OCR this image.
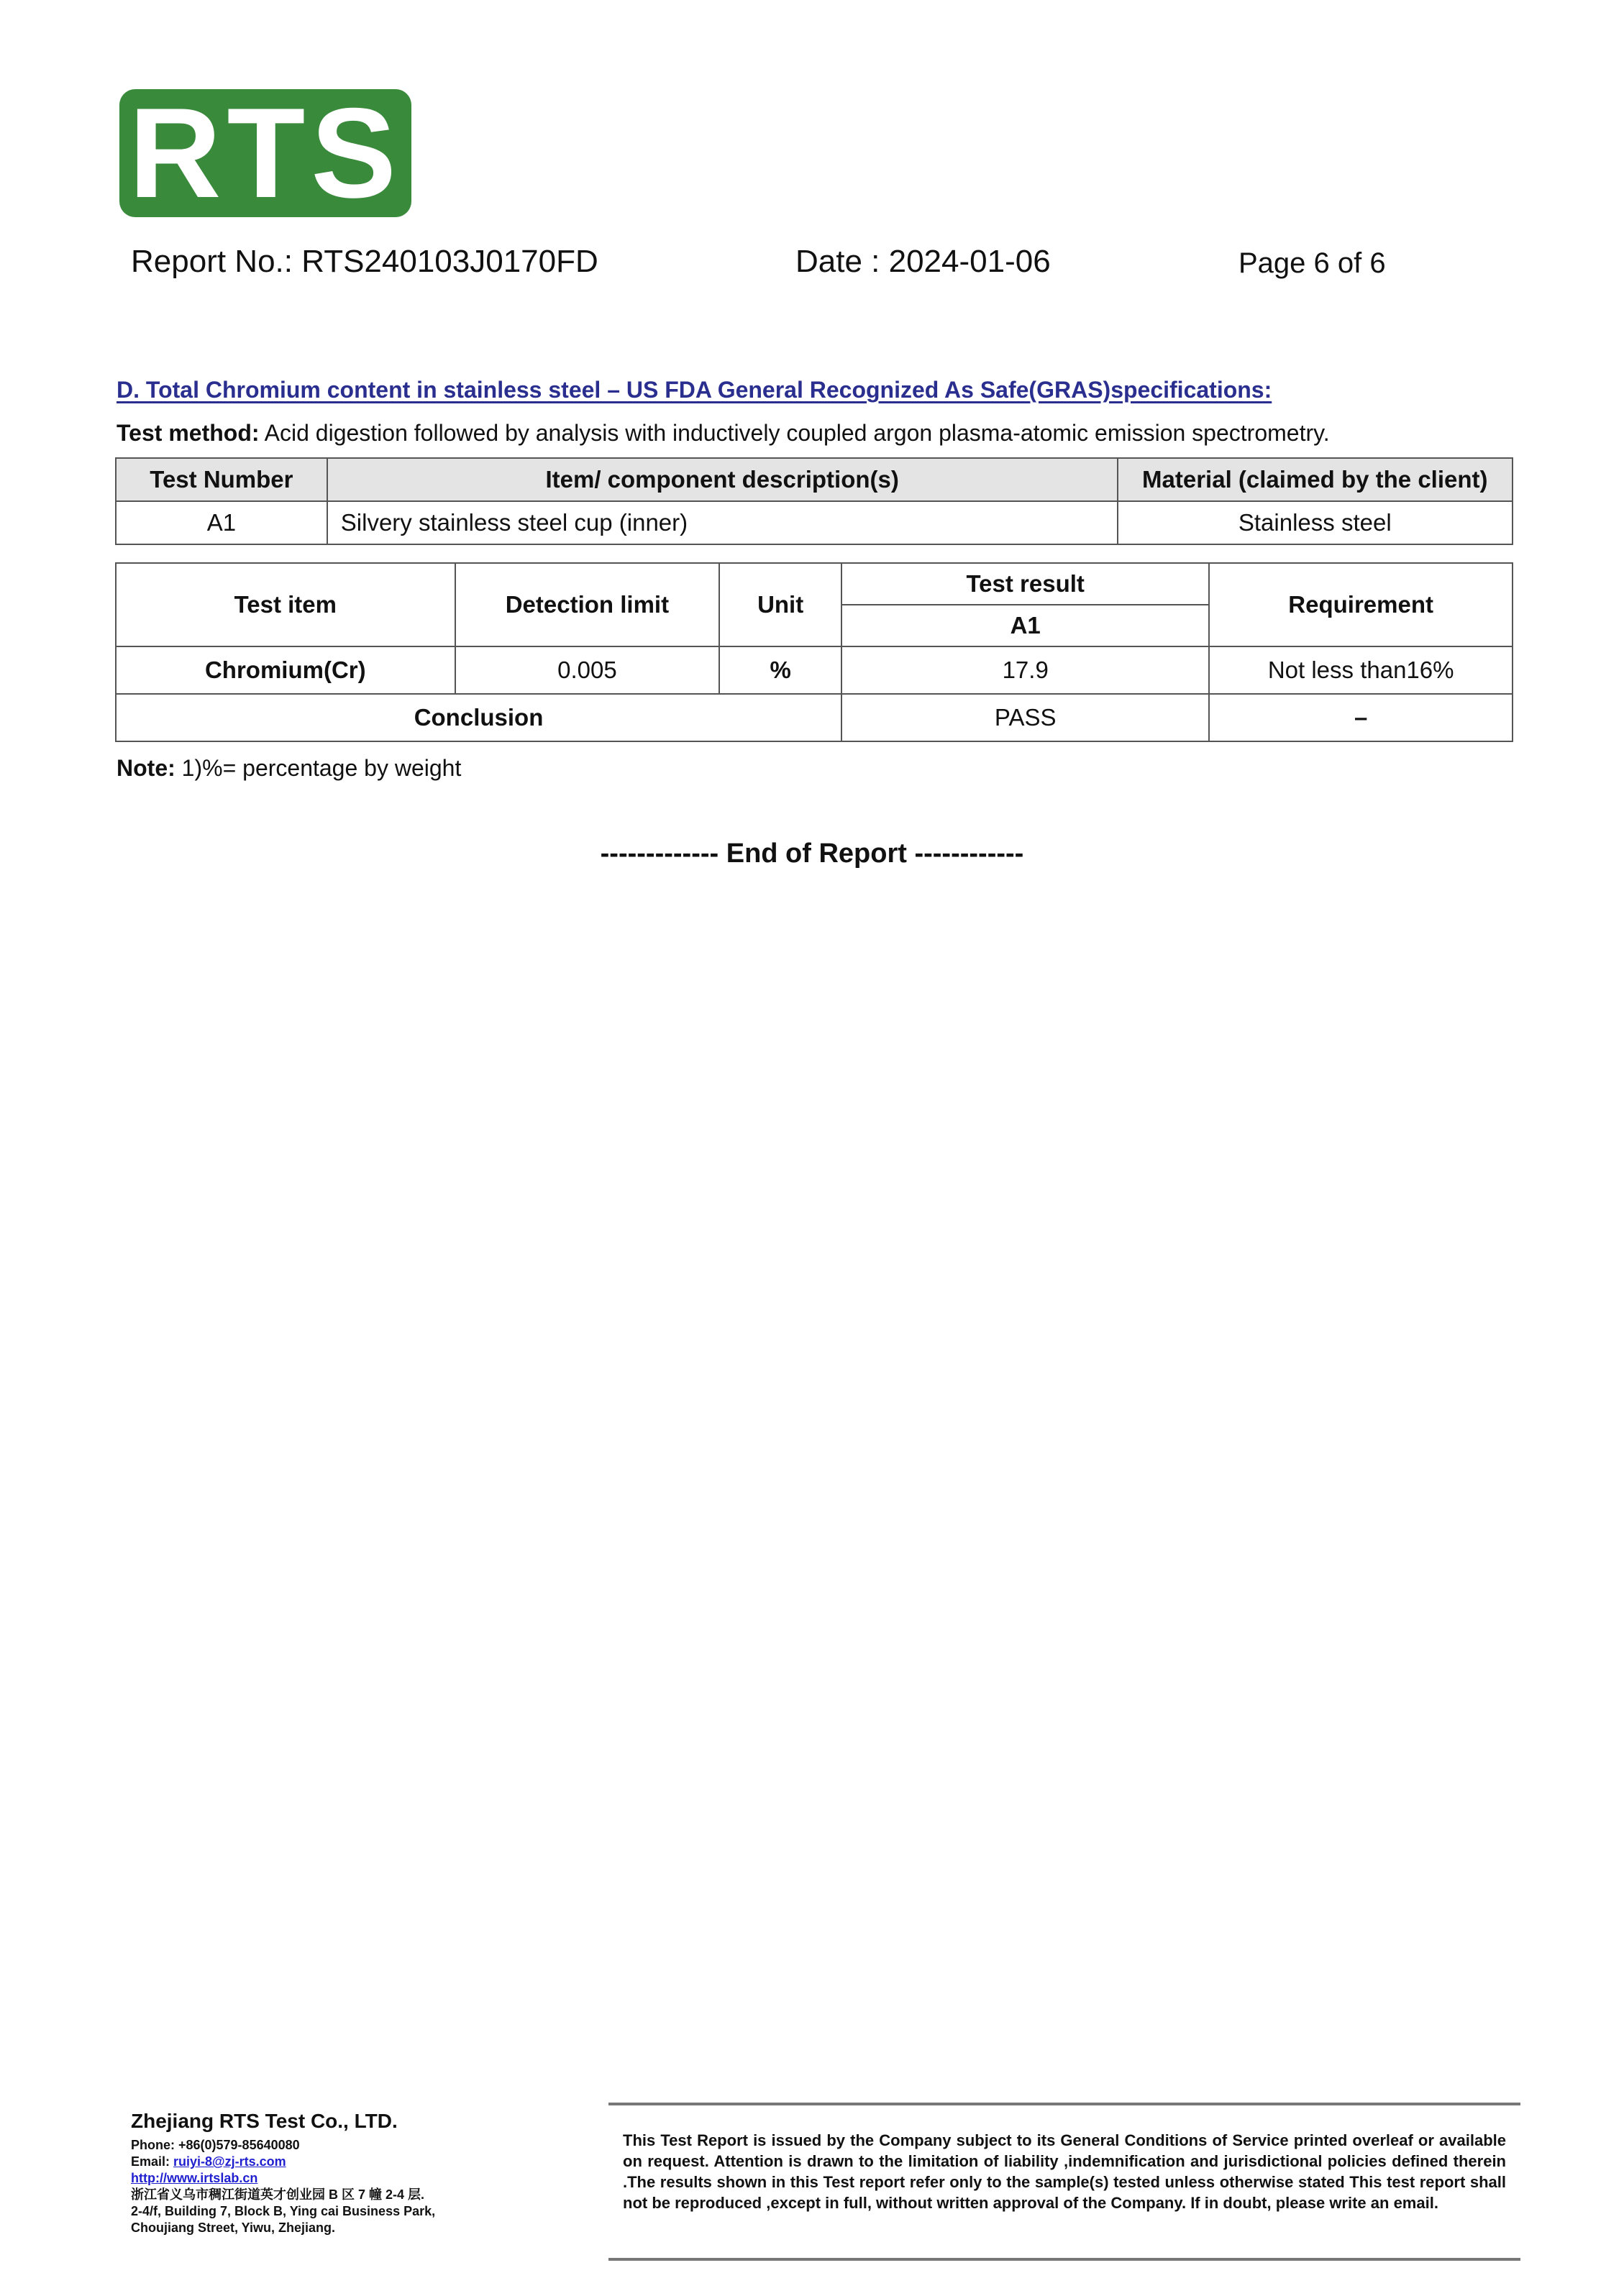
RTS
Report No.: RTS240103J0170FD	Date : 2024-01-06	Page 6 of 6
D. Total Chromium content in stainless steel – US FDA General Recognized As Safe(GRAS)specifications:
Test method: Acid digestion followed by analysis with inductively coupled argon plasma-atomic emission spectrometry.
Test Number	Item/ component description(s)	Material (claimed by the client)
A1	Silvery stainless steel cup (inner)	Stainless steel
Test item	Detection limit	Unit	Test result	Requirement
			A1	
Chromium(Cr)	0.005	%	17.9	Not less than16%
Conclusion			PASS	–
Note: 1)%= percentage by weight
------------- End of Report ------------
Zhejiang RTS Test Co., LTD.
Phone: +86(0)579-85640080
Email: ruiyi-8@zj-rts.com
http://www.irtslab.cn
浙江省义乌市稠江街道英才创业园 B 区 7 幢 2-4 层.
2-4/f, Building 7, Block B, Ying cai Business Park,
Choujiang Street, Yiwu, Zhejiang.
This Test Report is issued by the Company subject to its General Conditions of Service printed overleaf or available on request. Attention is drawn to the limitation of liability ,indemnification and jurisdictional policies defined therein .The results shown in this Test report refer only to the sample(s) tested unless otherwise stated This test report shall not be reproduced ,except in full, without written approval of the Company. If in doubt, please write an email.
